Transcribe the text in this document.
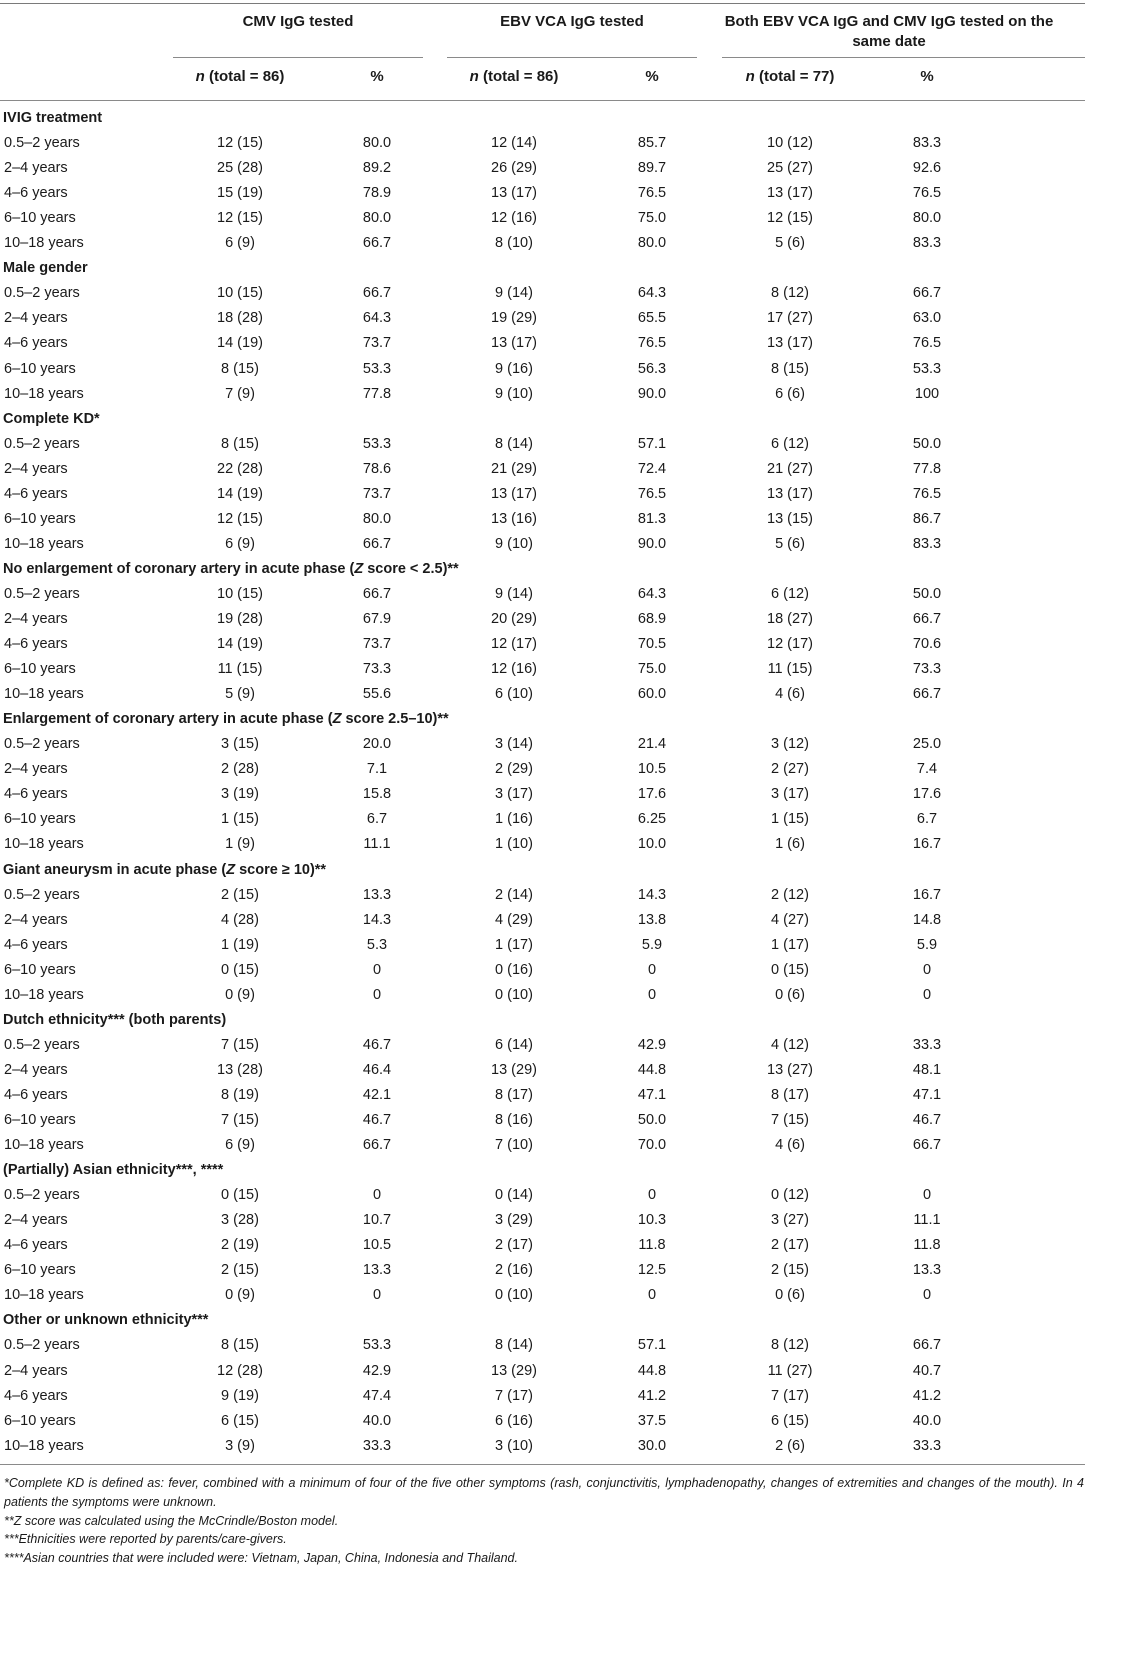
CMV IgG tested	EBV VCA IgG tested	Both EBV VCA IgG and CMV IgG tested on the
same date
n (total = 86)	%	n (total = 86)	%	n (total = 77)	%
IVIG treatment
0.5–2 years	12 (15)	80.0	12 (14)	85.7	10 (12)	83.3
2–4 years	25 (28)	89.2	26 (29)	89.7	25 (27)	92.6
4–6 years	15 (19)	78.9	13 (17)	76.5	13 (17)	76.5
6–10 years	12 (15)	80.0	12 (16)	75.0	12 (15)	80.0
10–18 years	6 (9)	66.7	8 (10)	80.0	5 (6)	83.3
Male gender
0.5–2 years	10 (15)	66.7	9 (14)	64.3	8 (12)	66.7
2–4 years	18 (28)	64.3	19 (29)	65.5	17 (27)	63.0
4–6 years	14 (19)	73.7	13 (17)	76.5	13 (17)	76.5
6–10 years	8 (15)	53.3	9 (16)	56.3	8 (15)	53.3
10–18 years	7 (9)	77.8	9 (10)	90.0	6 (6)	100
Complete KD*
0.5–2 years	8 (15)	53.3	8 (14)	57.1	6 (12)	50.0
2–4 years	22 (28)	78.6	21 (29)	72.4	21 (27)	77.8
4–6 years	14 (19)	73.7	13 (17)	76.5	13 (17)	76.5
6–10 years	12 (15)	80.0	13 (16)	81.3	13 (15)	86.7
10–18 years	6 (9)	66.7	9 (10)	90.0	5 (6)	83.3
No enlargement of coronary artery in acute phase (Z score < 2.5)**
0.5–2 years	10 (15)	66.7	9 (14)	64.3	6 (12)	50.0
2–4 years	19 (28)	67.9	20 (29)	68.9	18 (27)	66.7
4–6 years	14 (19)	73.7	12 (17)	70.5	12 (17)	70.6
6–10 years	11 (15)	73.3	12 (16)	75.0	11 (15)	73.3
10–18 years	5 (9)	55.6	6 (10)	60.0	4 (6)	66.7
Enlargement of coronary artery in acute phase (Z score 2.5–10)**
0.5–2 years	3 (15)	20.0	3 (14)	21.4	3 (12)	25.0
2–4 years	2 (28)	7.1	2 (29)	10.5	2 (27)	7.4
4–6 years	3 (19)	15.8	3 (17)	17.6	3 (17)	17.6
6–10 years	1 (15)	6.7	1 (16)	6.25	1 (15)	6.7
10–18 years	1 (9)	11.1	1 (10)	10.0	1 (6)	16.7
Giant aneurysm in acute phase (Z score ≥ 10)**
0.5–2 years	2 (15)	13.3	2 (14)	14.3	2 (12)	16.7
2–4 years	4 (28)	14.3	4 (29)	13.8	4 (27)	14.8
4–6 years	1 (19)	5.3	1 (17)	5.9	1 (17)	5.9
6–10 years	0 (15)	0	0 (16)	0	0 (15)	0
10–18 years	0 (9)	0	0 (10)	0	0 (6)	0
Dutch ethnicity*** (both parents)
0.5–2 years	7 (15)	46.7	6 (14)	42.9	4 (12)	33.3
2–4 years	13 (28)	46.4	13 (29)	44.8	13 (27)	48.1
4–6 years	8 (19)	42.1	8 (17)	47.1	8 (17)	47.1
6–10 years	7 (15)	46.7	8 (16)	50.0	7 (15)	46.7
10–18 years	6 (9)	66.7	7 (10)	70.0	4 (6)	66.7
(Partially) Asian ethnicity***, ****
0.5–2 years	0 (15)	0	0 (14)	0	0 (12)	0
2–4 years	3 (28)	10.7	3 (29)	10.3	3 (27)	11.1
4–6 years	2 (19)	10.5	2 (17)	11.8	2 (17)	11.8
6–10 years	2 (15)	13.3	2 (16)	12.5	2 (15)	13.3
10–18 years	0 (9)	0	0 (10)	0	0 (6)	0
Other or unknown ethnicity***
0.5–2 years	8 (15)	53.3	8 (14)	57.1	8 (12)	66.7
2–4 years	12 (28)	42.9	13 (29)	44.8	11 (27)	40.7
4–6 years	9 (19)	47.4	7 (17)	41.2	7 (17)	41.2
6–10 years	6 (15)	40.0	6 (16)	37.5	6 (15)	40.0
10–18 years	3 (9)	33.3	3 (10)	30.0	2 (6)	33.3
*Complete KD is defined as: fever, combined with a minimum of four of the five other symptoms (rash, conjunctivitis, lymphadenopathy, changes of extremities and changes of the mouth). In 4 patients the symptoms were unknown.
**Z score was calculated using the McCrindle/Boston model.
***Ethnicities were reported by parents/care-givers.
****Asian countries that were included were: Vietnam, Japan, China, Indonesia and Thailand.
